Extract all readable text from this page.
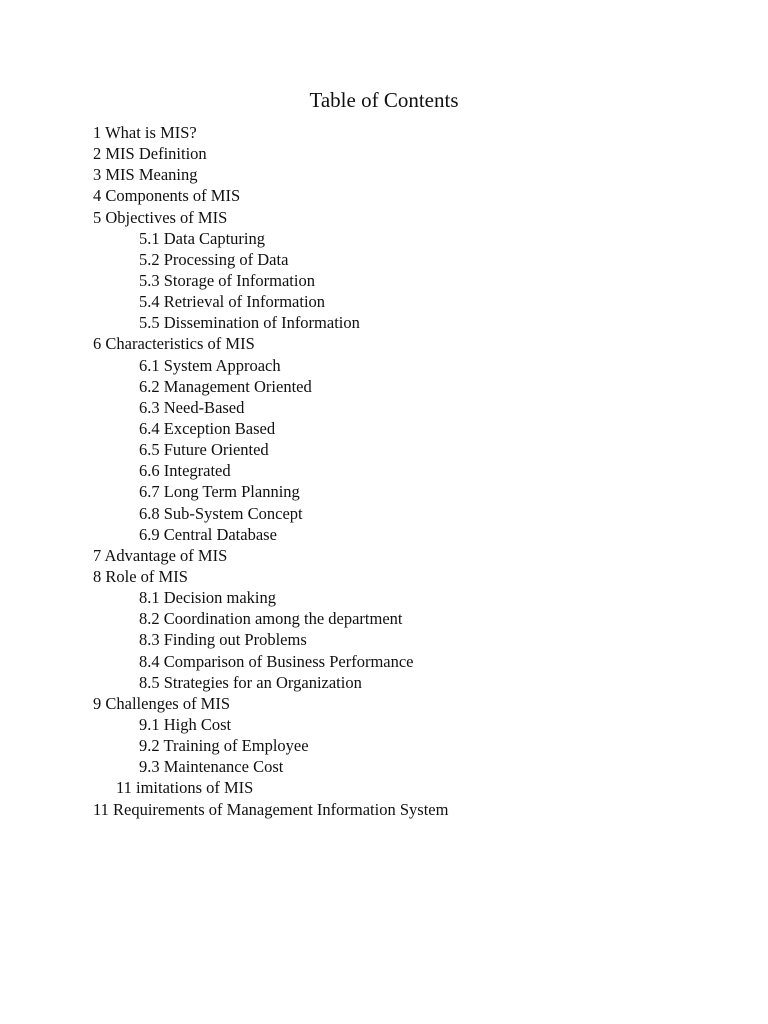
Table of Contents
1 What is MIS?
2 MIS Definition
3 MIS Meaning
4 Components of MIS
5 Objectives of MIS
5.1 Data Capturing
5.2 Processing of Data
5.3 Storage of Information
5.4 Retrieval of Information
5.5 Dissemination of Information
6 Characteristics of MIS
6.1 System Approach
6.2 Management Oriented
6.3 Need-Based
6.4 Exception Based
6.5 Future Oriented
6.6 Integrated
6.7 Long Term Planning
6.8 Sub-System Concept
6.9 Central Database
7 Advantage of MIS
8 Role of MIS
8.1 Decision making
8.2 Coordination among the department
8.3 Finding out Problems
8.4 Comparison of Business Performance
8.5 Strategies for an Organization
9 Challenges of MIS
9.1 High Cost
9.2 Training of Employee
9.3 Maintenance Cost
11 imitations of MIS
11 Requirements of Management Information System
